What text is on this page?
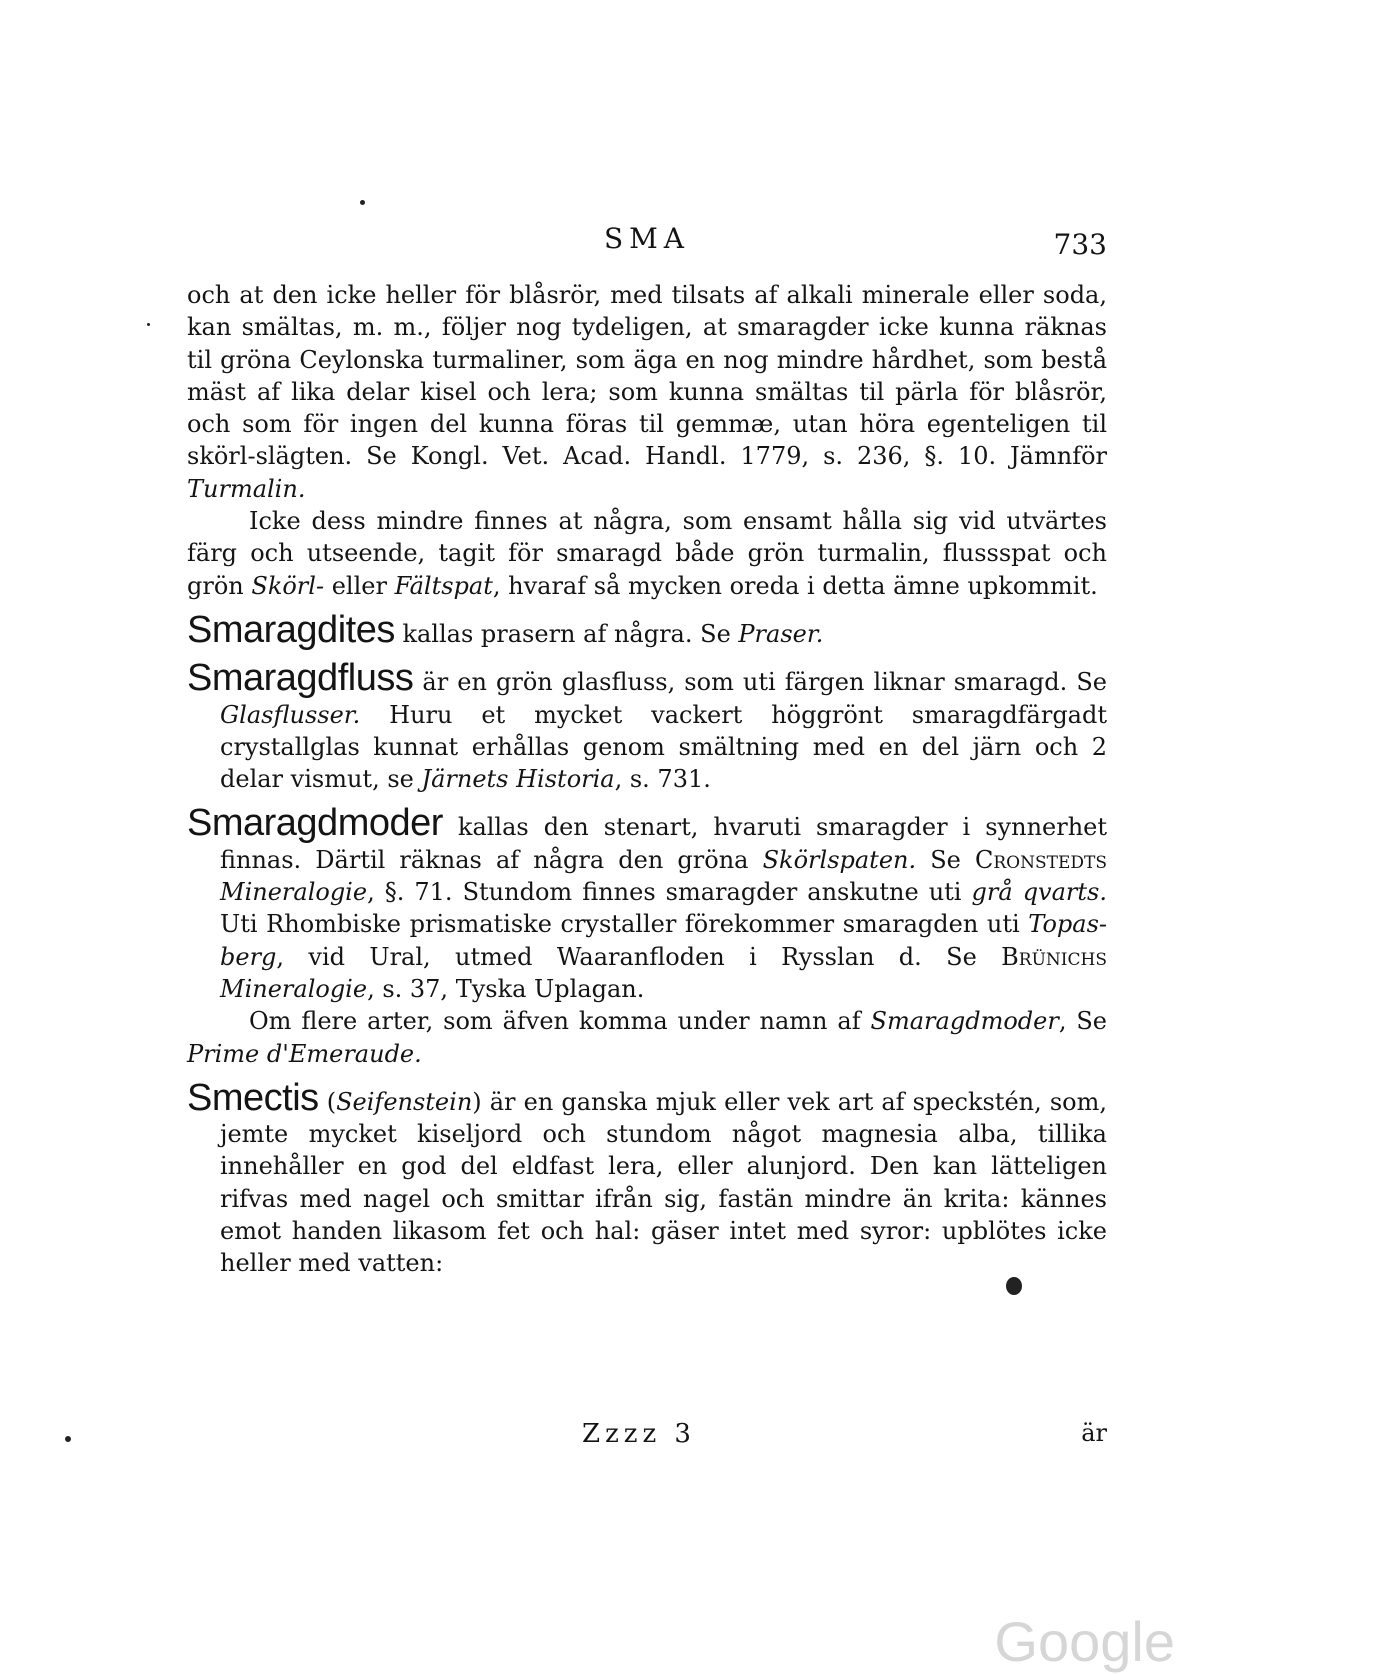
SMA	733

och at den icke heller för blåsrör, med tilsats af alkali minerale eller soda, kan smältas, m. m., följer nog tydeligen, at smaragder icke kunna räknas til gröna Ceylonska turmaliner, som äga en nog mindre hårdhet, som bestå mäst af lika delar kisel och lera; som kunna smältas til pärla för blåsrör, och som för ingen del kunna föras til gemmæ, utan höra egenteligen til skörl-slägten. Se Kongl. Vet. Acad. Handl. 1779, s. 236, §. 10. Jämnför Turmalin.

Icke dess mindre finnes at några, som ensamt hålla sig vid utvärtes färg och utseende, tagit för smaragd både grön turmalin, flussspat och grön Skörl- eller Fältspat, hvaraf så mycken oreda i detta ämne upkommit.

Smaragdites kallas prasern af några. Se Praser.

Smaragdfluss är en grön glasfluss, som uti färgen liknar smaragd. Se Glasflusser. Huru et mycket vackert höggrönt smaragdfärgadt crystallglas kunnat erhållas genom smältning med en del järn och 2 delar vismut, se Järnets Historia, s. 731.

Smaragdmoder kallas den stenart, hvaruti smaragder i synnerhet finnas. Därtil räknas af några den gröna Skörlspaten. Se Cronstedts Mineralogie, §. 71. Stundom finnes smaragder anskutne uti grå qvarts. Uti Rhombiske prismatiske crystaller förekommer smaragden uti Topas-berg, vid Ural, utmed Waaranfloden i Rysslan d. Se Brünichs Mineralogie, s. 37, Tyska Uplagan.

Om flere arter, som äfven komma under namn af Smaragdmoder, Se Prime d'Emeraude.

Smectis (Seifenstein) är en ganska mjuk eller vek art af speckstén, som, jemte mycket kiseljord och stundom något magnesia alba, tillika innehåller en god del eldfast lera, eller alunjord. Den kan lätteligen rifvas med nagel och smittar ifrån sig, fastän mindre än krita: kännes emot handen likasom fet och hal: gäser intet med syror: upblötes icke heller med vatten:

Zzzz 3	är
Google
